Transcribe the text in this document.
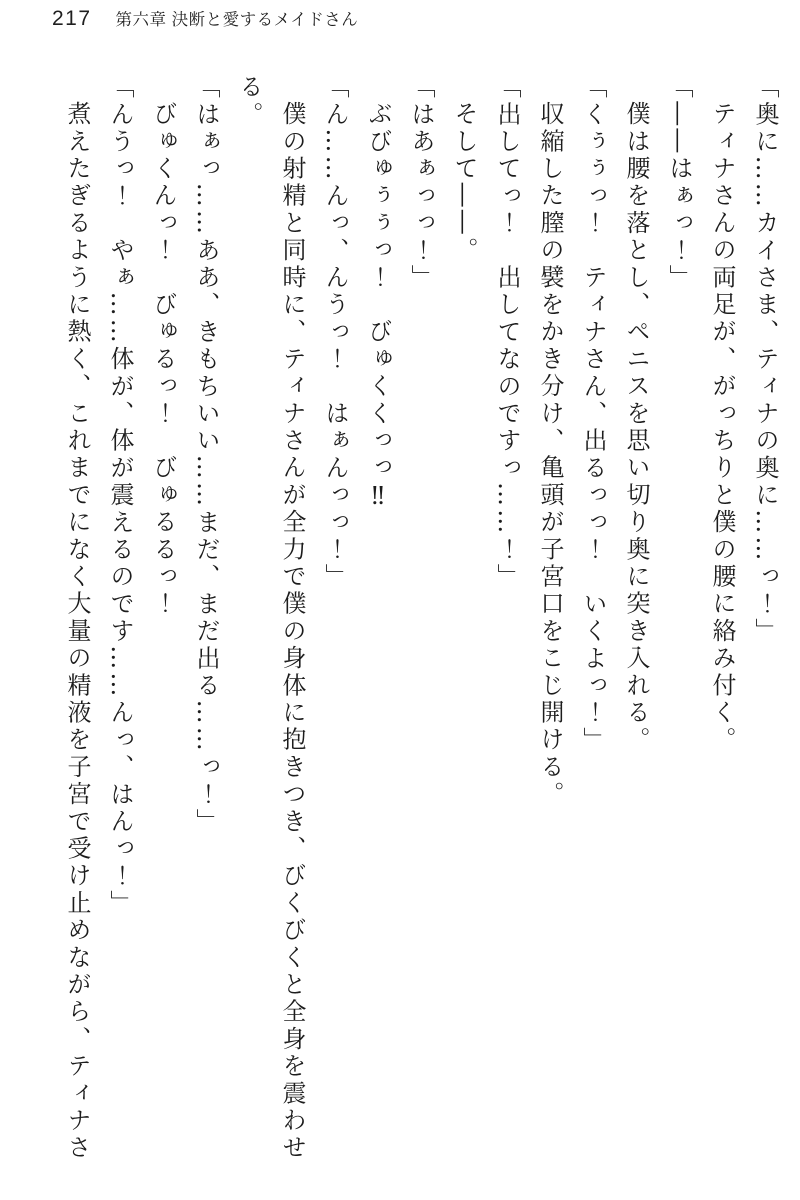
217 第六章 決断と愛するメイドさん

「奥に……カイさま、ティナの奥に……っ！」

ティナさんの両足が、がっちりと僕の腰に絡み付く。

「――はぁっ！」

僕は腰を落とし、ペニスを思い切り奥に突き入れる。

「くぅぅっ！　ティナさん、出るっっ！　いくよっ！」

収縮した膣の襞をかき分け、亀頭が子宮口をこじ開ける。

「出してっ！　出してなのですっ……！」

そして――。

「はあぁっっ！」

ぶびゅぅぅっ！　びゅくくっっ‼

「ん……んっ、んうっ！　はぁんっっ！」

僕の射精と同時に、ティナさんが全力で僕の身体に抱きつき、びくびくと全身を震わせる。

「はぁっ……ああ、きもちいい……まだ、まだ出る……っ！」

びゅくんっ！　びゅるっ！　びゅるるっ！

「んうっ！　やぁ……体が、体が震えるのです……んっ、はんっ！」

煮えたぎるように熱く、これまでになく大量の精液を子宮で受け止めながら、ティナさ
